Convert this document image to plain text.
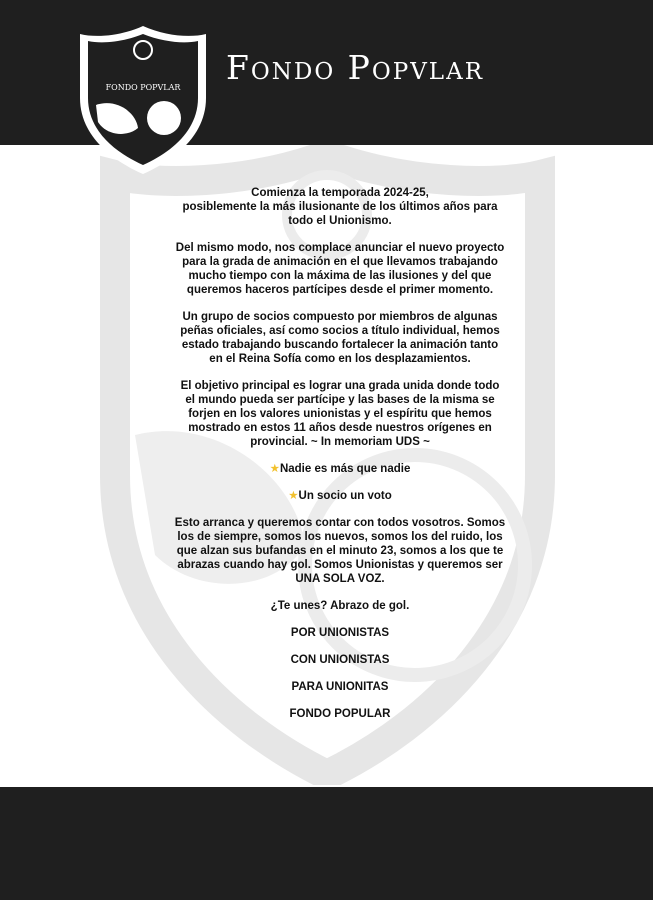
FONDO POPVLAR
Fondo Popvlar

Comienza la temporada 2024-25,
posiblemente la más ilusionante de los últimos años para
todo el Unionismo.

Del mismo modo, nos complace anunciar el nuevo proyecto
para la grada de animación en el que llevamos trabajando
mucho tiempo con la máxima de las ilusiones y del que
queremos haceros partícipes desde el primer momento.

Un grupo de socios compuesto por miembros de algunas
peñas oficiales, así como socios a título individual, hemos
estado trabajando buscando fortalecer la animación tanto
en el Reina Sofía como en los desplazamientos.

El objetivo principal es lograr una grada unida donde todo
el mundo pueda ser partícipe y las bases de la misma se
forjen en los valores unionistas y el espíritu que hemos
mostrado en estos 11 años desde nuestros orígenes en
provincial. ~ In memoriam UDS ~

★Nadie es más que nadie

★Un socio un voto

Esto arranca y queremos contar con todos vosotros. Somos
los de siempre, somos los nuevos, somos los del ruido, los
que alzan sus bufandas en el minuto 23, somos a los que te
abrazas cuando hay gol. Somos Unionistas y queremos ser
UNA SOLA VOZ.

¿Te unes? Abrazo de gol.

POR UNIONISTAS

CON UNIONISTAS

PARA UNIONITAS

FONDO POPULAR
